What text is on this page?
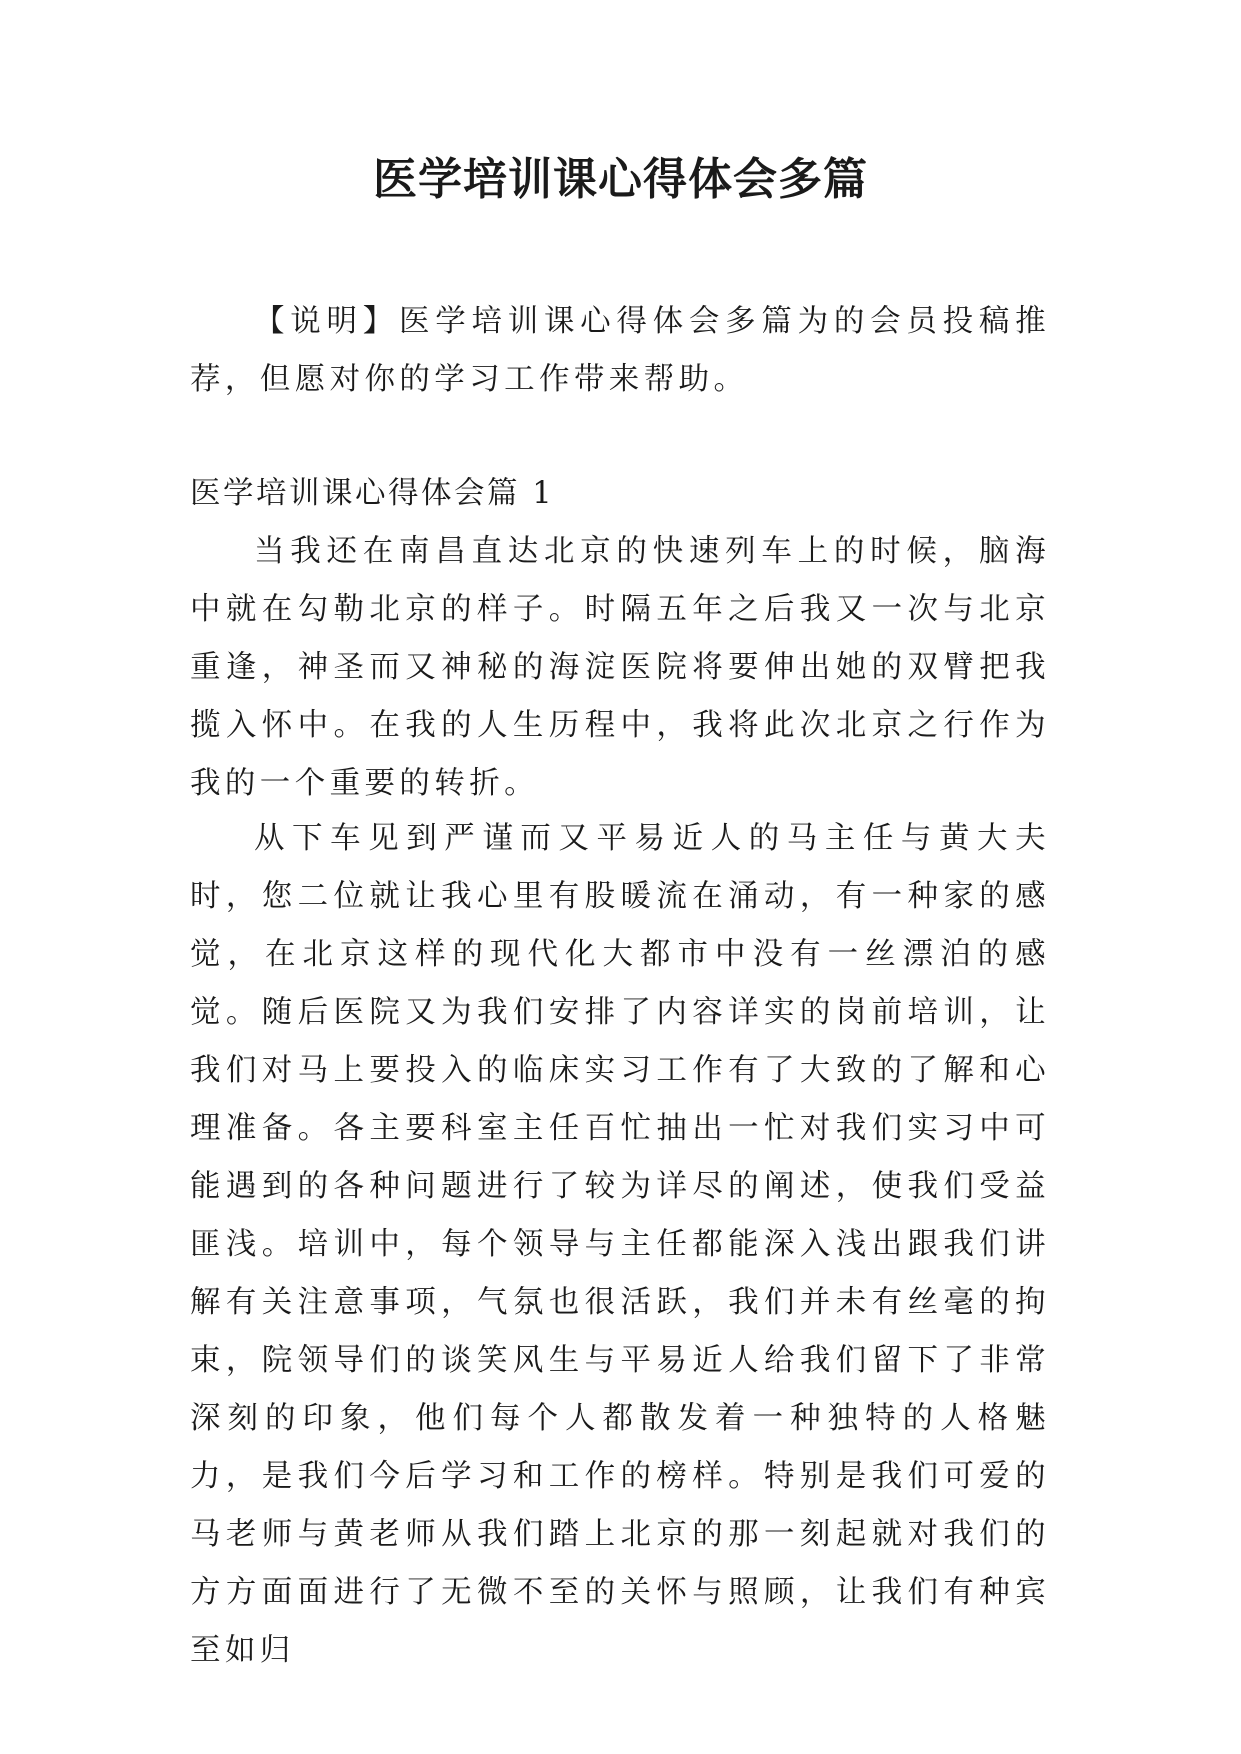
医学培训课心得体会多篇

【说明】医学培训课心得体会多篇为的会员投稿推荐，但愿对你的学习工作带来帮助。

医学培训课心得体会篇 1

当我还在南昌直达北京的快速列车上的时候，脑海中就在勾勒北京的样子。时隔五年之后我又一次与北京重逢，神圣而又神秘的海淀医院将要伸出她的双臂把我揽入怀中。在我的人生历程中，我将此次北京之行作为我的一个重要的转折。

从下车见到严谨而又平易近人的马主任与黄大夫时，您二位就让我心里有股暖流在涌动，有一种家的感觉，在北京这样的现代化大都市中没有一丝漂泊的感觉。随后医院又为我们安排了内容详实的岗前培训，让我们对马上要投入的临床实习工作有了大致的了解和心理准备。各主要科室主任百忙抽出一忙对我们实习中可能遇到的各种问题进行了较为详尽的阐述，使我们受益匪浅。培训中，每个领导与主任都能深入浅出跟我们讲解有关注意事项，气氛也很活跃，我们并未有丝毫的拘束，院领导们的谈笑风生与平易近人给我们留下了非常深刻的印象，他们每个人都散发着一种独特的人格魅力，是我们今后学习和工作的榜样。特别是我们可爱的马老师与黄老师从我们踏上北京的那一刻起就对我们的方方面面进行了无微不至的关怀与照顾，让我们有种宾至如归
